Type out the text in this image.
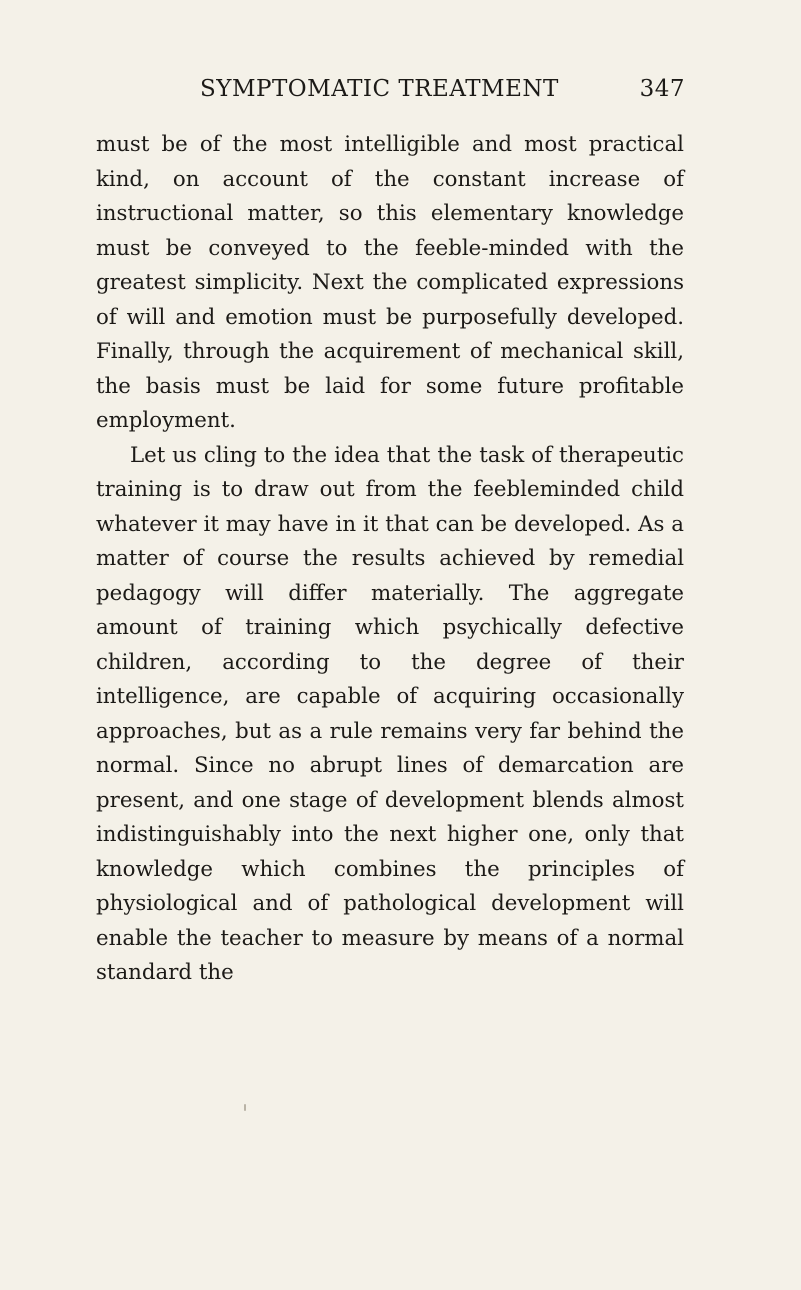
SYMPTOMATIC TREATMENT	347

must be of the most intelligible and most practical kind, on account of the constant increase of instructional matter, so this elementary knowledge must be conveyed to the feeble-minded with the greatest simplicity. Next the complicated expressions of will and emotion must be purposefully developed. Finally, through the acquirement of mechanical skill, the basis must be laid for some future profitable employment.

Let us cling to the idea that the task of therapeutic training is to draw out from the feebleminded child whatever it may have in it that can be developed. As a matter of course the results achieved by remedial pedagogy will differ materially. The aggregate amount of training which psychically defective children, according to the degree of their intelligence, are capable of acquiring occasionally approaches, but as a rule remains very far behind the normal. Since no abrupt lines of demarcation are present, and one stage of development blends almost indistinguishably into the next higher one, only that knowledge which combines the principles of physiological and of pathological development will enable the teacher to measure by means of a normal standard the
